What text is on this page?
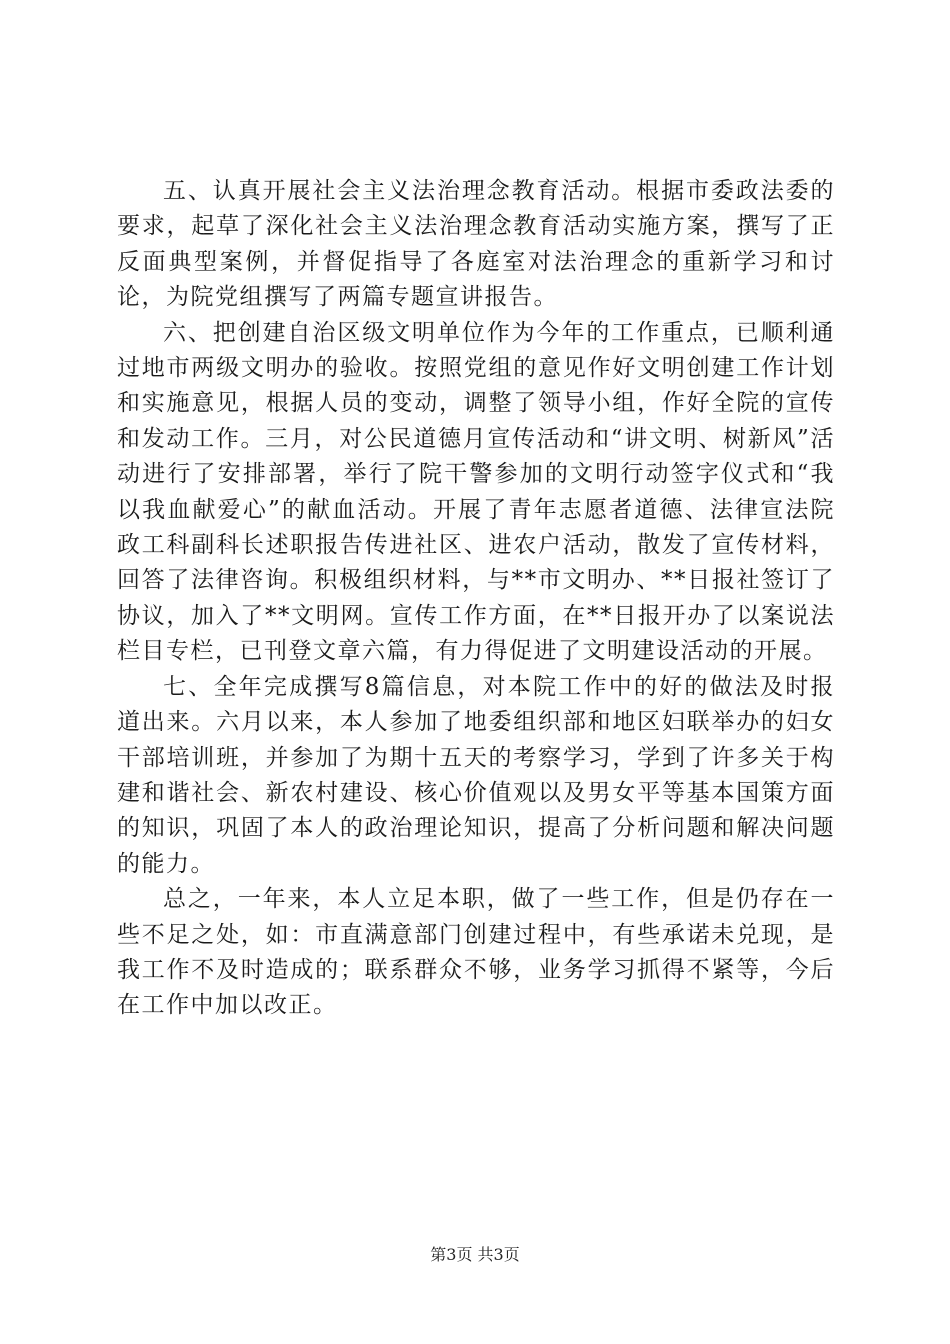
五、认真开展社会主义法治理念教育活动。根据市委政法委的要求，起草了深化社会主义法治理念教育活动实施方案，撰写了正反面典型案例，并督促指导了各庭室对法治理念的重新学习和讨论，为院党组撰写了两篇专题宣讲报告。

六、把创建自治区级文明单位作为今年的工作重点，已顺利通过地市两级文明办的验收。按照党组的意见作好文明创建工作计划和实施意见，根据人员的变动，调整了领导小组，作好全院的宣传和发动工作。三月，对公民道德月宣传活动和“讲文明、树新风”活动进行了安排部署，举行了院干警参加的文明行动签字仪式和“我以我血献爱心”的献血活动。开展了青年志愿者道德、法律宣法院政工科副科长述职报告传进社区、进农户活动，散发了宣传材料，回答了法律咨询。积极组织材料，与**市文明办、**日报社签订了协议，加入了**文明网。宣传工作方面，在**日报开办了以案说法栏目专栏，已刊登文章六篇，有力得促进了文明建设活动的开展。

七、全年完成撰写8篇信息，对本院工作中的好的做法及时报道出来。六月以来，本人参加了地委组织部和地区妇联举办的妇女干部培训班，并参加了为期十五天的考察学习，学到了许多关于构建和谐社会、新农村建设、核心价值观以及男女平等基本国策方面的知识，巩固了本人的政治理论知识，提高了分析问题和解决问题的能力。

总之，一年来，本人立足本职，做了一些工作，但是仍存在一些不足之处，如：市直满意部门创建过程中，有些承诺未兑现，是我工作不及时造成的；联系群众不够，业务学习抓得不紧等，今后在工作中加以改正。

第3页 共3页
